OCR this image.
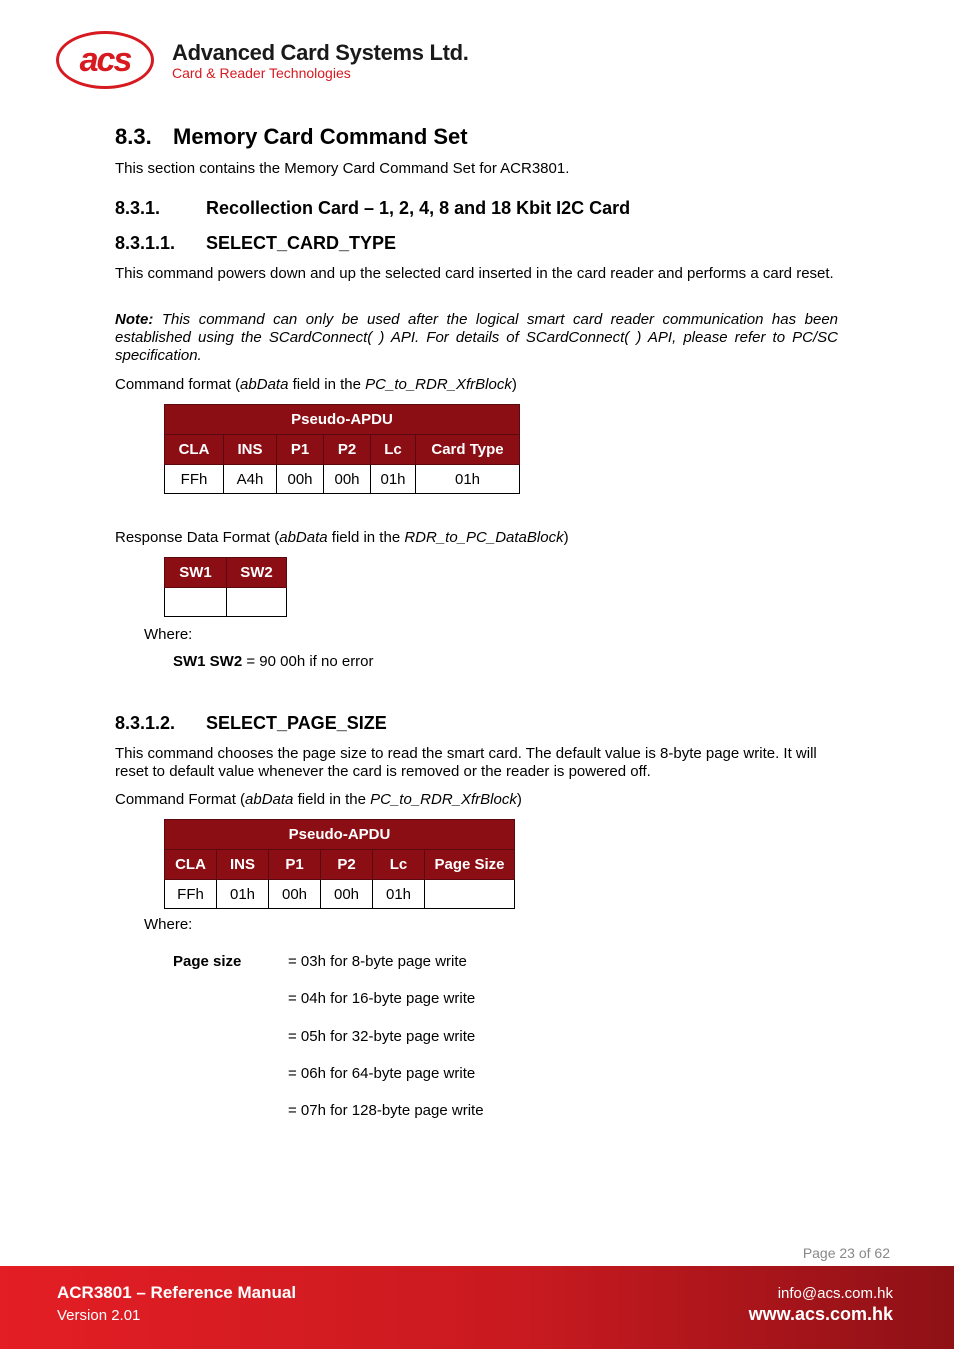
acs	Advanced Card Systems Ltd.
Card & Reader Technologies
8.3. Memory Card Command Set

This section contains the Memory Card Command Set for ACR3801.

8.3.1.	Recollection Card – 1, 2, 4, 8 and 18 Kbit I2C Card
8.3.1.1. SELECT_CARD_TYPE

This command powers down and up the selected card inserted in the card reader and performs a card reset.

Note: This command can only be used after the logical smart card reader communication has been established using the SCardConnect( ) API. For details of SCardConnect( ) API, please refer to PC/SC specification.

Command format (abData field in the PC_to_RDR_XfrBlock)

Pseudo-APDU					
CLA	INS	P1	P2	Lc	Card Type
FFh	A4h	00h	00h	01h	01h

Response Data Format (abData field in the RDR_to_PC_DataBlock)

SW1	SW2

Where:

SW1 SW2 = 90 00h if no error

8.3.1.2. SELECT_PAGE_SIZE

This command chooses the page size to read the smart card. The default value is 8-byte page write. It will reset to default value whenever the card is removed or the reader is powered off.

Command Format (abData field in the PC_to_RDR_XfrBlock)

Pseudo-APDU					
CLA	INS	P1	P2	Lc	Page Size
FFh	01h	00h	00h	01h	

Where:

Page size	= 03h for 8-byte page write

= 04h for 16-byte page write

= 05h for 32-byte page write

= 06h for 64-byte page write

= 07h for 128-byte page write

Page 23 of 62
ACR3801 – Reference Manual
Version 2.01
info@acs.com.hk
www.acs.com.hk
